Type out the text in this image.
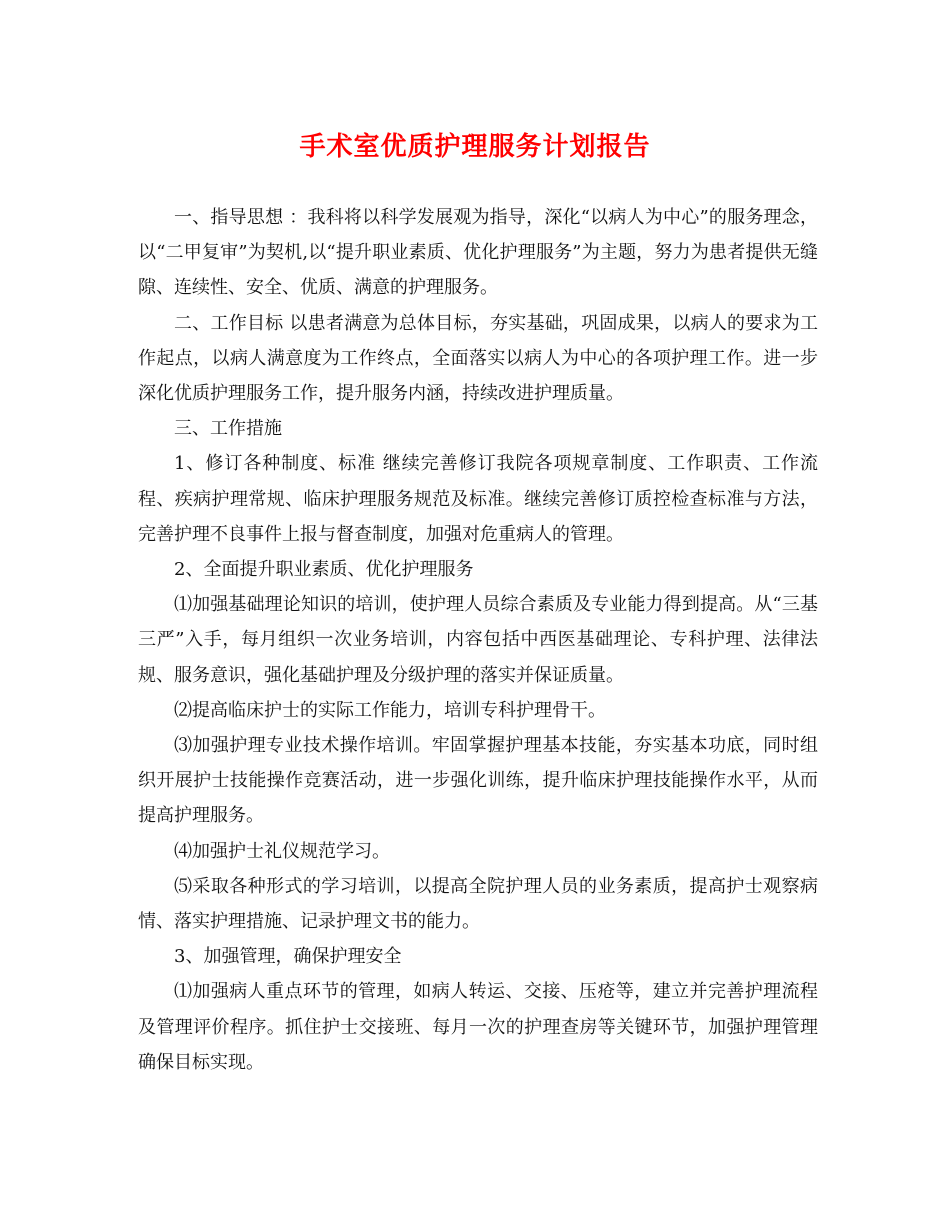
手术室优质护理服务计划报告

一、指导思想 ：我科将以科学发展观为指导，深化“以病人为中心”的服务理念，以“二甲复审”为契机,以“提升职业素质、优化护理服务”为主题，努力为患者提供无缝隙、连续性、安全、优质、满意的护理服务。

二、工作目标 以患者满意为总体目标，夯实基础，巩固成果，以病人的要求为工作起点，以病人满意度为工作终点，全面落实以病人为中心的各项护理工作。进一步深化优质护理服务工作，提升服务内涵，持续改进护理质量。

三、工作措施

1、修订各种制度、标准 继续完善修订我院各项规章制度、工作职责、工作流程、疾病护理常规、临床护理服务规范及标准。继续完善修订质控检查标准与方法，完善护理不良事件上报与督查制度，加强对危重病人的管理。

2、全面提升职业素质、优化护理服务

⑴加强基础理论知识的培训，使护理人员综合素质及专业能力得到提高。从“三基三严”入手，每月组织一次业务培训，内容包括中西医基础理论、专科护理、法律法规、服务意识，强化基础护理及分级护理的落实并保证质量。

⑵提高临床护士的实际工作能力，培训专科护理骨干。

⑶加强护理专业技术操作培训。牢固掌握护理基本技能，夯实基本功底，同时组织开展护士技能操作竞赛活动，进一步强化训练，提升临床护理技能操作水平，从而提高护理服务。

⑷加强护士礼仪规范学习。

⑸采取各种形式的学习培训，以提高全院护理人员的业务素质，提高护士观察病情、落实护理措施、记录护理文书的能力。

3、加强管理，确保护理安全

⑴加强病人重点环节的管理，如病人转运、交接、压疮等，建立并完善护理流程及管理评价程序。抓住护士交接班、每月一次的护理查房等关键环节，加强护理管理确保目标实现。
